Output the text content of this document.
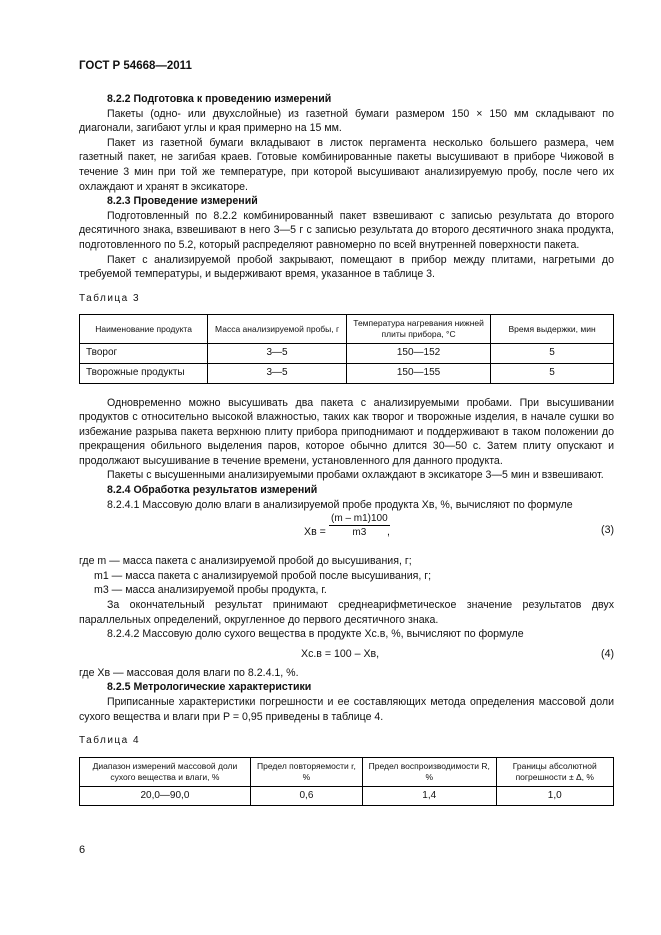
ГОСТ Р 54668—2011
8.2.2 Подготовка к проведению измерений

Пакеты (одно- или двухслойные) из газетной бумаги размером 150 × 150 мм складывают по диагонали, загибают углы и края примерно на 15 мм.

Пакет из газетной бумаги вкладывают в листок пергамента несколько большего размера, чем газетный пакет, не загибая краев. Готовые комбинированные пакеты высушивают в приборе Чижовой в течение 3 мин при той же температуре, при которой высушивают анализируемую пробу, после чего их охлаждают и хранят в эксикаторе.

8.2.3 Проведение измерений

Подготовленный по 8.2.2 комбинированный пакет взвешивают с записью результата до второго десятичного знака, взвешивают в него 3—5 г с записью результата до второго десятичного знака продукта, подготовленного по 5.2, который распределяют равномерно по всей внутренней поверхности пакета.

Пакет с анализируемой пробой закрывают, помещают в прибор между плитами, нагретыми до требуемой температуры, и выдерживают время, указанное в таблице 3.

Таблица 3
Наименование продукта	Масса анализируемой пробы, г	Температура нагревания нижней плиты прибора, °С	Время выдержки, мин
Творог	3—5	150—152	5
Творожные продукты	3—5	150—155	5

Одновременно можно высушивать два пакета с анализируемыми пробами. При высушивании продуктов с относительно высокой влажностью, таких как творог и творожные изделия, в начале сушки во избежание разрыва пакета верхнюю плиту прибора приподнимают и поддерживают в таком положении до прекращения обильного выделения паров, которое обычно длится 30—50 с. Затем плиту опускают и продолжают высушивание в течение времени, установленного для данного продукта.

Пакеты с высушенными анализируемыми пробами охлаждают в эксикаторе 3—5 мин и взвешивают.

8.2.4 Обработка результатов измерений

8.2.4.1 Массовую долю влаги в анализируемой пробе продукта Xв, %, вычисляют по формуле

Xв = $\frac{(m - m1)100}{m3}$
,	(3)

где m — масса пакета с анализируемой пробой до высушивания, г;

m1 — масса пакета с анализируемой пробой после высушивания, г;

m3 — масса анализируемой пробы продукта, г.

За окончательный результат принимают среднеарифметическое значение результатов двух параллельных определений, округленное до первого десятичного знака.

8.2.4.2 Массовую долю сухого вещества в продукте Xс.в, %, вычисляют по формуле

Xс.в = 100 – Xв,	(4)

где Xв — массовая доля влаги по 8.2.4.1, %.

8.2.5 Метрологические характеристики

Приписанные характеристики погрешности и ее составляющих метода определения массовой доли сухого вещества и влаги при P = 0,95 приведены в таблице 4.

Таблица 4
Диапазон измерений массовой доли сухого вещества и влаги, %	Предел повторяемости r, %	Предел воспроизводимости R, %	Границы абсолютной погрешности ± Δ, %
20,0—90,0	0,6	1,4	1,0
6
